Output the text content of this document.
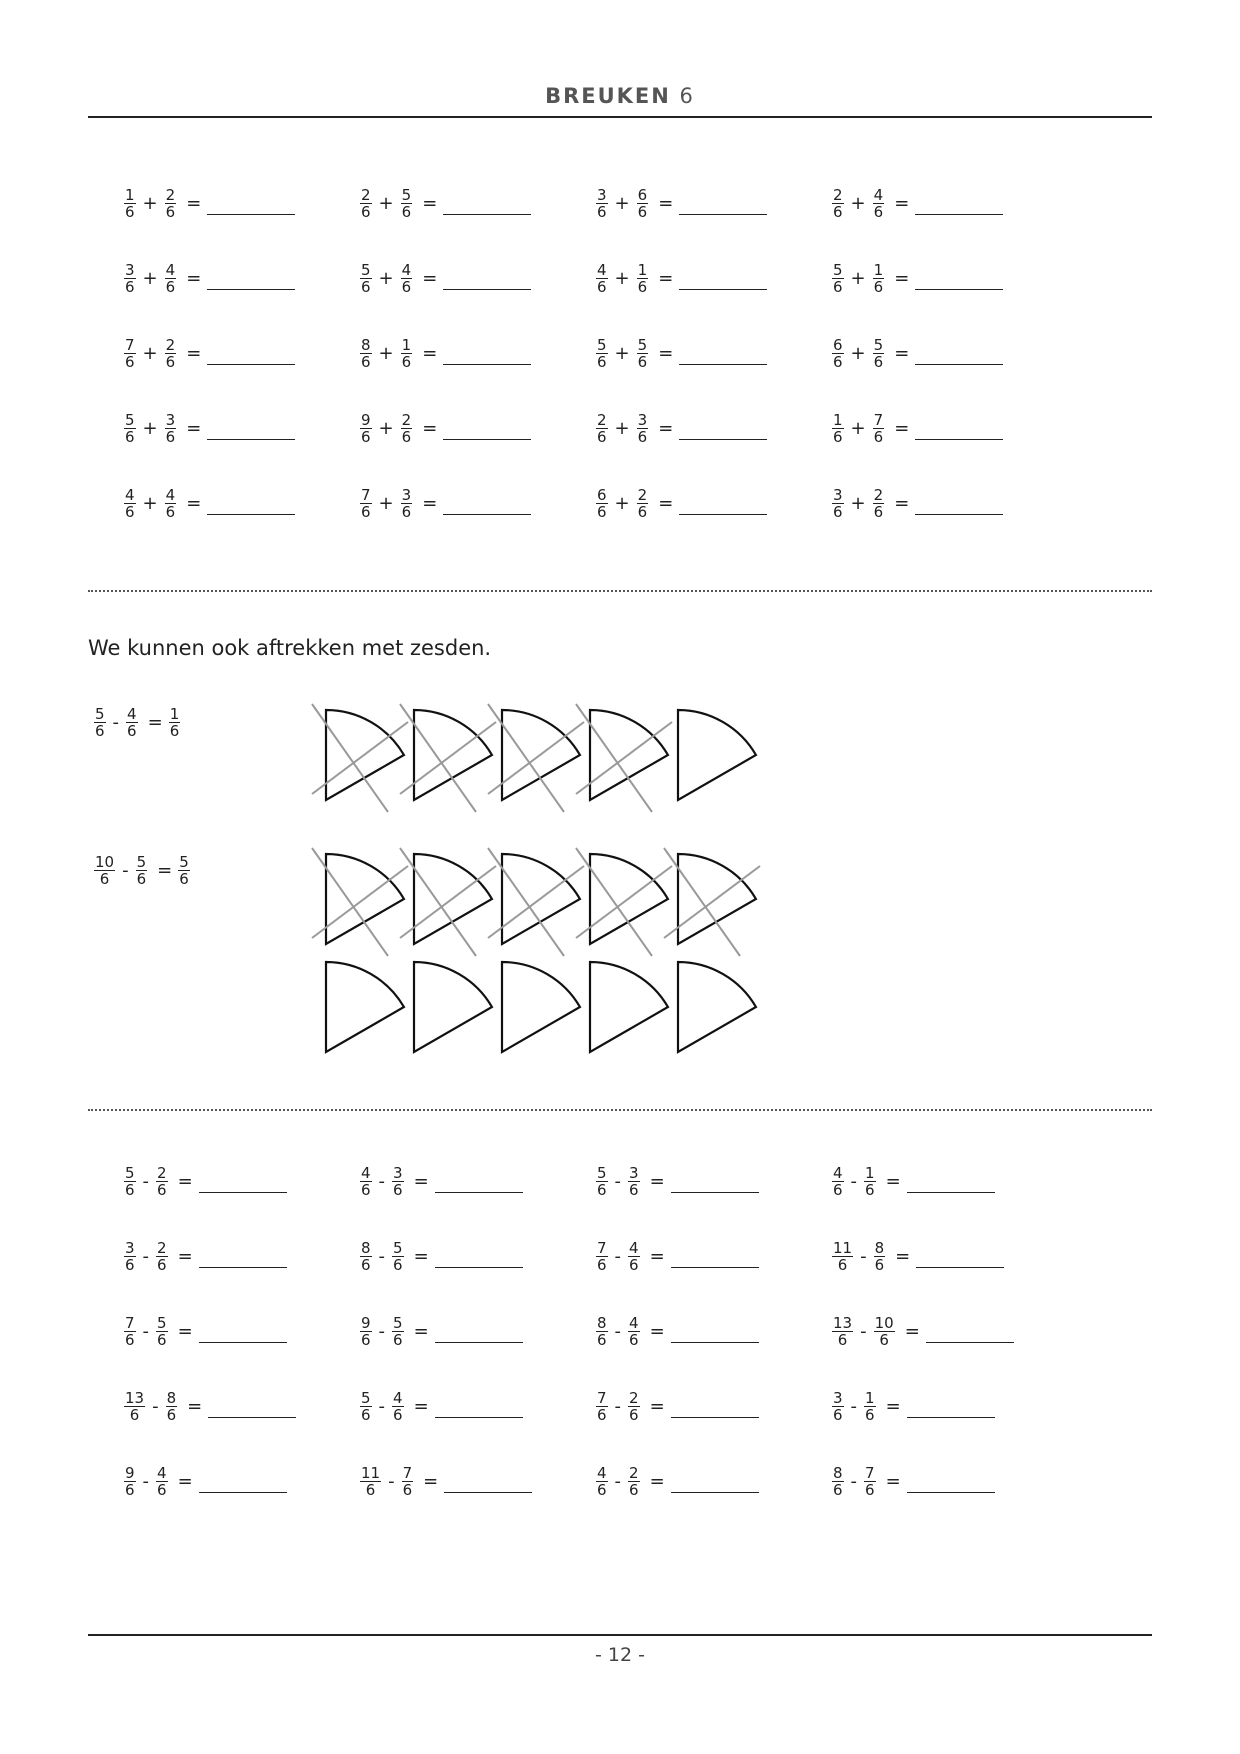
BREUKEN 6
$\frac{1}{6} + \frac{2}{6}$ =	$\frac{2}{6} + \frac{5}{6}$ =	$\frac{3}{6} + \frac{6}{6}$ =	$\frac{2}{6} + \frac{4}{6}$ =
$\frac{3}{6} + \frac{4}{6}$ =	$\frac{5}{6} + \frac{4}{6}$ =	$\frac{4}{6} + \frac{1}{6}$ =	$\frac{5}{6} + \frac{1}{6}$ =
$\frac{7}{6} + \frac{2}{6}$ =	$\frac{8}{6} + \frac{1}{6}$ =	$\frac{5}{6} + \frac{5}{6}$ =	$\frac{6}{6} + \frac{5}{6}$ =
$\frac{5}{6} + \frac{3}{6}$ =	$\frac{9}{6} + \frac{2}{6}$ =	$\frac{2}{6} + \frac{3}{6}$ =	$\frac{1}{6} + \frac{7}{6}$ =
$\frac{4}{6} + \frac{4}{6}$ =	$\frac{7}{6} + \frac{3}{6}$ =	$\frac{6}{6} + \frac{2}{6}$ =	$\frac{3}{6} + \frac{2}{6}$ =
We kunnen ook aftrekken met zesden.
$\frac{5}{6} - \frac{4}{6} = \frac{1}{6}$
$\frac{10}{6} - \frac{5}{6} = \frac{5}{6}$
$\frac{5}{6} - \frac{2}{6}$ =	$\frac{4}{6} - \frac{3}{6}$ =	$\frac{5}{6} - \frac{3}{6}$ =	$\frac{4}{6} - \frac{1}{6}$ =
$\frac{3}{6} - \frac{2}{6}$ =	$\frac{8}{6} - \frac{5}{6}$ =	$\frac{7}{6} - \frac{4}{6}$ =	$\frac{11}{6} - \frac{8}{6}$ =
$\frac{7}{6} - \frac{5}{6}$ =	$\frac{9}{6} - \frac{5}{6}$ =	$\frac{8}{6} - \frac{4}{6}$ =	$\frac{13}{6} - \frac{10}{6}$ =
$\frac{13}{6} - \frac{8}{6}$ =	$\frac{5}{6} - \frac{4}{6}$ =	$\frac{7}{6} - \frac{2}{6}$ =	$\frac{3}{6} - \frac{1}{6}$ =
$\frac{9}{6} - \frac{4}{6}$ =	$\frac{11}{6} - \frac{7}{6}$ =	$\frac{4}{6} - \frac{2}{6}$ =	$\frac{8}{6} - \frac{7}{6}$ =
- 12 -
